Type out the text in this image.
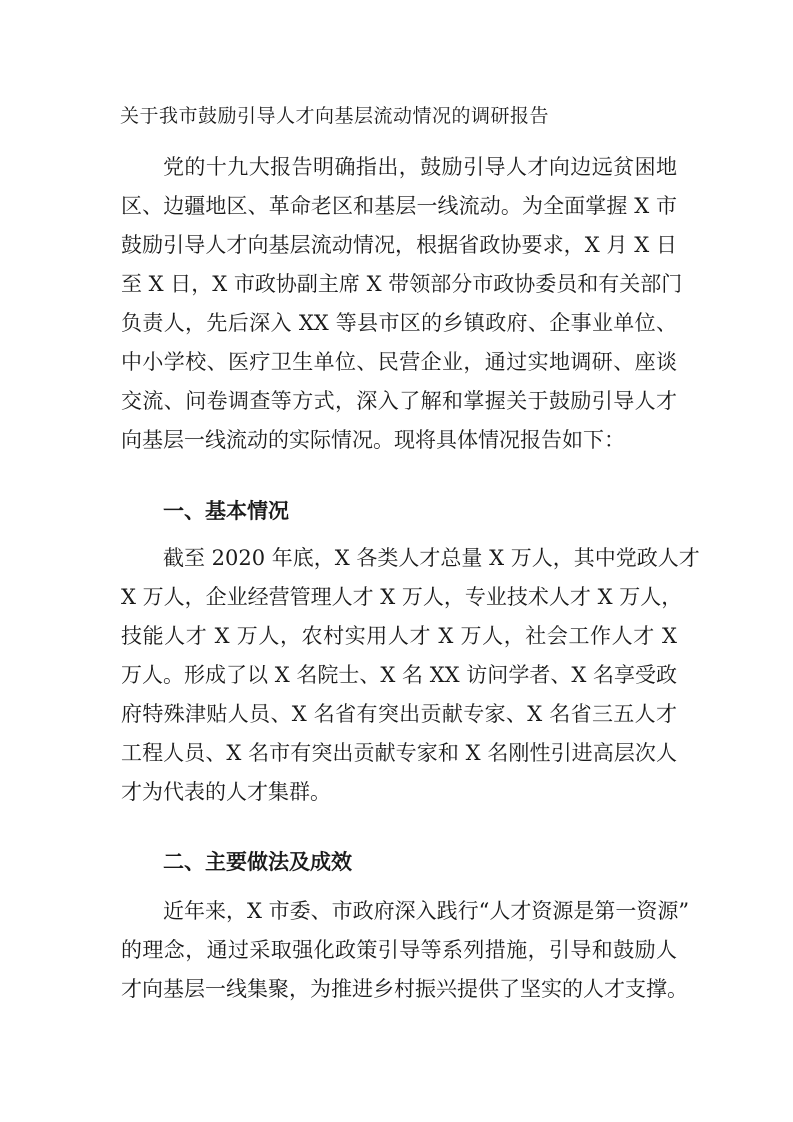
关于我市鼓励引导人才向基层流动情况的调研报告
党的十九大报告明确指出，鼓励引导人才向边远贫困地
区、边疆地区、革命老区和基层一线流动。为全面掌握 X 市
鼓励引导人才向基层流动情况，根据省政协要求，X 月 X 日
至 X 日，X 市政协副主席 X 带领部分市政协委员和有关部门
负责人，先后深入 XX 等县市区的乡镇政府、企事业单位、
中小学校、医疗卫生单位、民营企业，通过实地调研、座谈
交流、问卷调查等方式，深入了解和掌握关于鼓励引导人才
向基层一线流动的实际情况。现将具体情况报告如下：
一、基本情况
截至 2020 年底，X 各类人才总量 X 万人，其中党政人才
X 万人，企业经营管理人才 X 万人，专业技术人才 X 万人，
技能人才 X 万人，农村实用人才 X 万人，社会工作人才 X
万人。形成了以 X 名院士、X 名 XX 访问学者、X 名享受政
府特殊津贴人员、X 名省有突出贡献专家、X 名省三五人才
工程人员、X 名市有突出贡献专家和 X 名刚性引进高层次人
才为代表的人才集群。
二、主要做法及成效
近年来，X 市委、市政府深入践行“人才资源是第一资源”
的理念，通过采取强化政策引导等系列措施，引导和鼓励人
才向基层一线集聚，为推进乡村振兴提供了坚实的人才支撑。
